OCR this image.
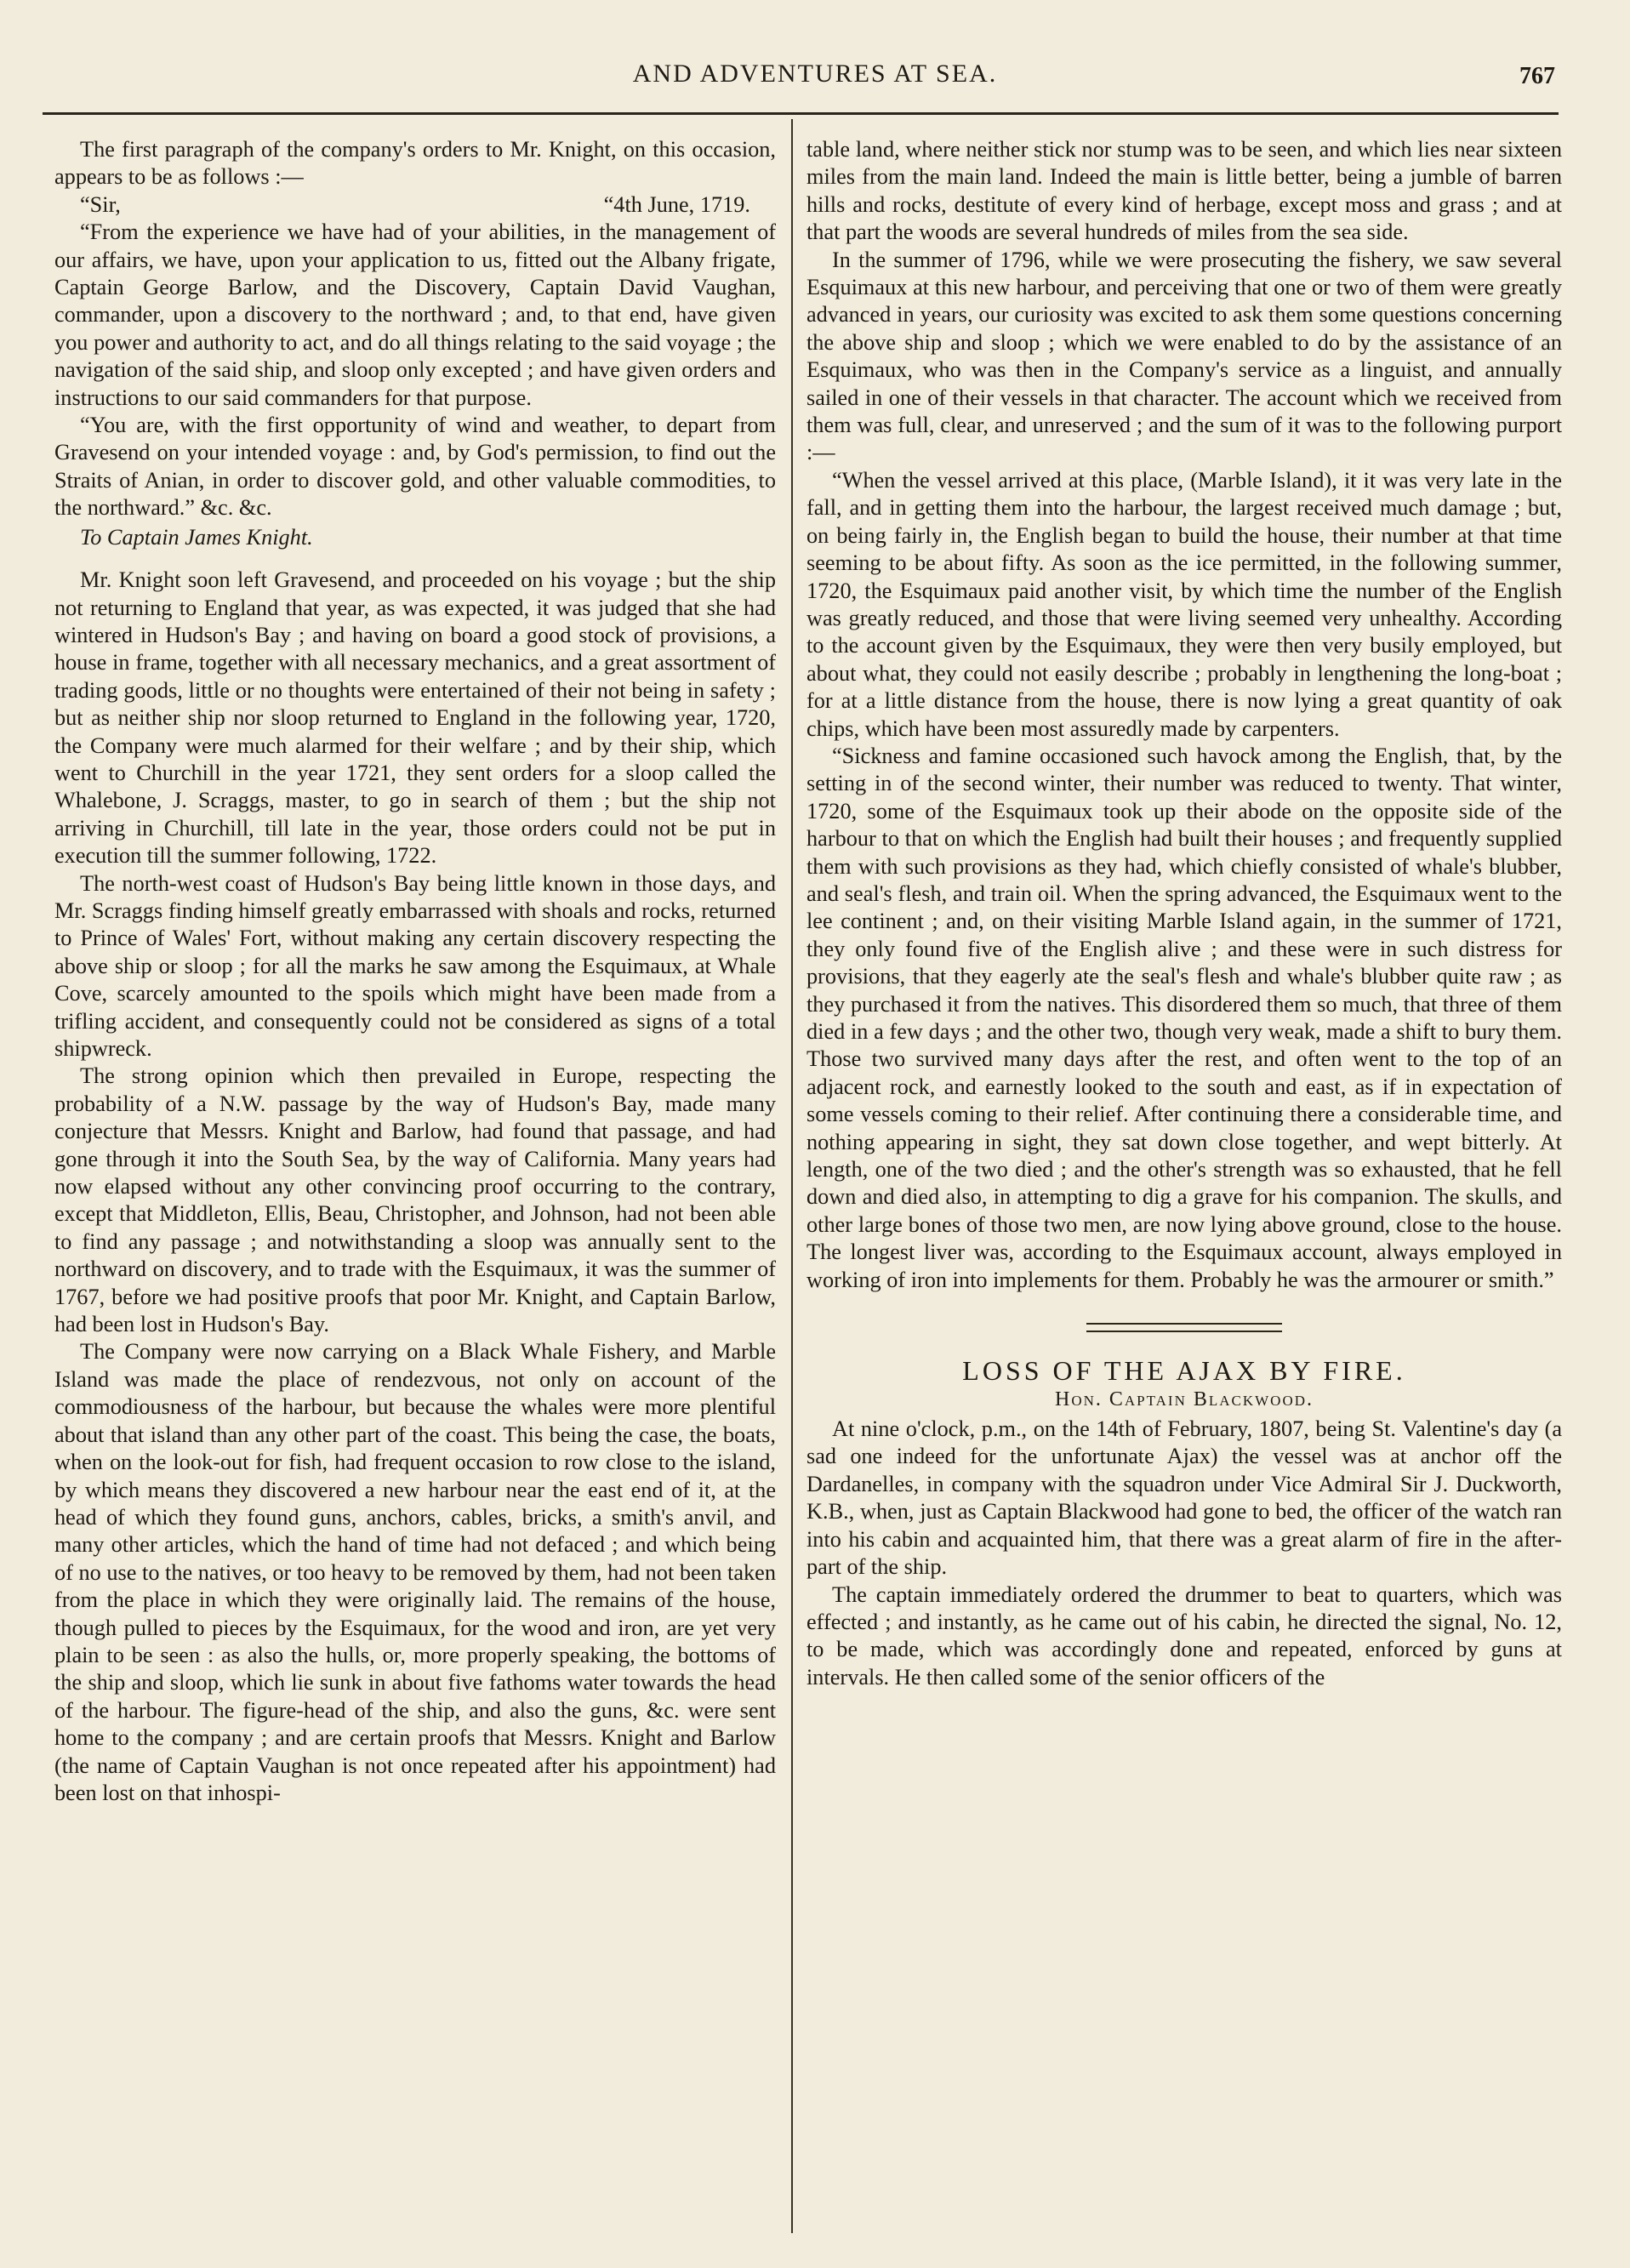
AND ADVENTURES AT SEA.	767

The first paragraph of the company's orders to Mr. Knight, on this occasion, appears to be as follows :—

“Sir,	“4th June, 1719.

“From the experience we have had of your abilities, in the management of our affairs, we have, upon your application to us, fitted out the Albany frigate, Captain George Barlow, and the Discovery, Captain David Vaughan, commander, upon a discovery to the northward ; and, to that end, have given you power and authority to act, and do all things relating to the said voyage ; the navigation of the said ship, and sloop only excepted ; and have given orders and instructions to our said commanders for that purpose.

“You are, with the first opportunity of wind and weather, to depart from Gravesend on your intended voyage : and, by God's permission, to find out the Straits of Anian, in order to discover gold, and other valuable commodities, to the northward.” &c. &c.

To Captain James Knight.

Mr. Knight soon left Gravesend, and proceeded on his voyage ; but the ship not returning to England that year, as was expected, it was judged that she had wintered in Hudson's Bay ; and having on board a good stock of provisions, a house in frame, together with all necessary mechanics, and a great assortment of trading goods, little or no thoughts were entertained of their not being in safety ; but as neither ship nor sloop returned to England in the following year, 1720, the Company were much alarmed for their welfare ; and by their ship, which went to Churchill in the year 1721, they sent orders for a sloop called the Whalebone, J. Scraggs, master, to go in search of them ; but the ship not arriving in Churchill, till late in the year, those orders could not be put in execution till the summer following, 1722.

The north-west coast of Hudson's Bay being little known in those days, and Mr. Scraggs finding himself greatly embarrassed with shoals and rocks, returned to Prince of Wales' Fort, without making any certain discovery respecting the above ship or sloop ; for all the marks he saw among the Esquimaux, at Whale Cove, scarcely amounted to the spoils which might have been made from a trifling accident, and consequently could not be considered as signs of a total shipwreck.

The strong opinion which then prevailed in Europe, respecting the probability of a N.W. passage by the way of Hudson's Bay, made many conjecture that Messrs. Knight and Barlow, had found that passage, and had gone through it into the South Sea, by the way of California. Many years had now elapsed without any other convincing proof occurring to the contrary, except that Middleton, Ellis, Beau, Christopher, and Johnson, had not been able to find any passage ; and notwithstanding a sloop was annually sent to the northward on discovery, and to trade with the Esquimaux, it was the summer of 1767, before we had positive proofs that poor Mr. Knight, and Captain Barlow, had been lost in Hudson's Bay.

The Company were now carrying on a Black Whale Fishery, and Marble Island was made the place of rendezvous, not only on account of the commodiousness of the harbour, but because the whales were more plentiful about that island than any other part of the coast. This being the case, the boats, when on the look-out for fish, had frequent occasion to row close to the island, by which means they discovered a new harbour near the east end of it, at the head of which they found guns, anchors, cables, bricks, a smith's anvil, and many other articles, which the hand of time had not defaced ; and which being of no use to the natives, or too heavy to be removed by them, had not been taken from the place in which they were originally laid. The remains of the house, though pulled to pieces by the Esquimaux, for the wood and iron, are yet very plain to be seen : as also the hulls, or, more properly speaking, the bottoms of the ship and sloop, which lie sunk in about five fathoms water towards the head of the harbour. The figure-head of the ship, and also the guns, &c. were sent home to the company ; and are certain proofs that Messrs. Knight and Barlow (the name of Captain Vaughan is not once repeated after his appointment) had been lost on that inhospi-

table land, where neither stick nor stump was to be seen, and which lies near sixteen miles from the main land. Indeed the main is little better, being a jumble of barren hills and rocks, destitute of every kind of herbage, except moss and grass ; and at that part the woods are several hundreds of miles from the sea side.

In the summer of 1796, while we were prosecuting the fishery, we saw several Esquimaux at this new harbour, and perceiving that one or two of them were greatly advanced in years, our curiosity was excited to ask them some questions concerning the above ship and sloop ; which we were enabled to do by the assistance of an Esquimaux, who was then in the Company's service as a linguist, and annually sailed in one of their vessels in that character. The account which we received from them was full, clear, and unreserved ; and the sum of it was to the following purport :—

“When the vessel arrived at this place, (Marble Island), it it was very late in the fall, and in getting them into the harbour, the largest received much damage ; but, on being fairly in, the English began to build the house, their number at that time seeming to be about fifty. As soon as the ice permitted, in the following summer, 1720, the Esquimaux paid another visit, by which time the number of the English was greatly reduced, and those that were living seemed very unhealthy. According to the account given by the Esquimaux, they were then very busily employed, but about what, they could not easily describe ; probably in lengthening the long-boat ; for at a little distance from the house, there is now lying a great quantity of oak chips, which have been most assuredly made by carpenters.

“Sickness and famine occasioned such havock among the English, that, by the setting in of the second winter, their number was reduced to twenty. That winter, 1720, some of the Esquimaux took up their abode on the opposite side of the harbour to that on which the English had built their houses ; and frequently supplied them with such provisions as they had, which chiefly consisted of whale's blubber, and seal's flesh, and train oil. When the spring advanced, the Esquimaux went to the lee continent ; and, on their visiting Marble Island again, in the summer of 1721, they only found five of the English alive ; and these were in such distress for provisions, that they eagerly ate the seal's flesh and whale's blubber quite raw ; as they purchased it from the natives. This disordered them so much, that three of them died in a few days ; and the other two, though very weak, made a shift to bury them. Those two survived many days after the rest, and often went to the top of an adjacent rock, and earnestly looked to the south and east, as if in expectation of some vessels coming to their relief. After continuing there a considerable time, and nothing appearing in sight, they sat down close together, and wept bitterly. At length, one of the two died ; and the other's strength was so exhausted, that he fell down and died also, in attempting to dig a grave for his companion. The skulls, and other large bones of those two men, are now lying above ground, close to the house. The longest liver was, according to the Esquimaux account, always employed in working of iron into implements for them. Probably he was the armourer or smith.”

LOSS OF THE AJAX BY FIRE.
Hon. Captain Blackwood.

At nine o'clock, p.m., on the 14th of February, 1807, being St. Valentine's day (a sad one indeed for the unfortunate Ajax) the vessel was at anchor off the Dardanelles, in company with the squadron under Vice Admiral Sir J. Duckworth, K.B., when, just as Captain Blackwood had gone to bed, the officer of the watch ran into his cabin and acquainted him, that there was a great alarm of fire in the after-part of the ship.

The captain immediately ordered the drummer to beat to quarters, which was effected ; and instantly, as he came out of his cabin, he directed the signal, No. 12, to be made, which was accordingly done and repeated, enforced by guns at intervals. He then called some of the senior officers of the
